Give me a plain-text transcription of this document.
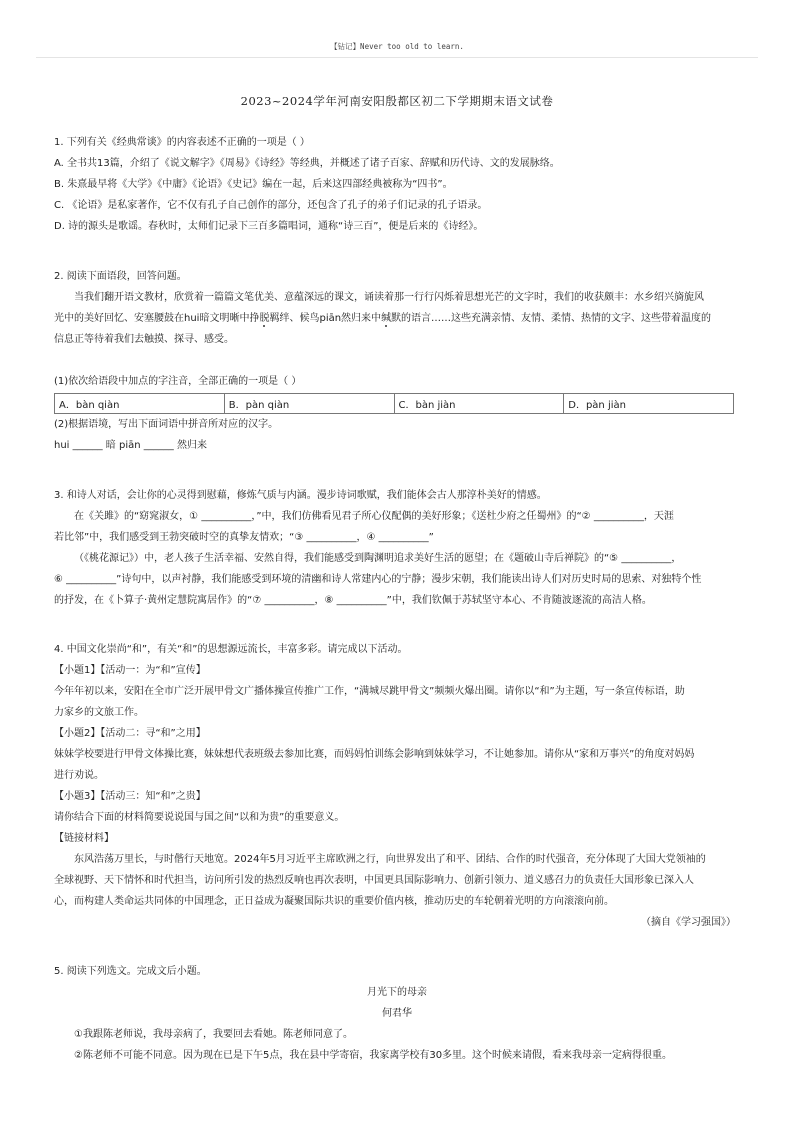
【钻记】Never too old to learn.
2023~2024学年河南安阳殷都区初二下学期期末语文试卷
1. 下列有关《经典常谈》的内容表述不正确的一项是（ ）
A. 全书共13篇，介绍了《说文解字》《周易》《诗经》等经典，并概述了诸子百家、辞赋和历代诗、文的发展脉络。
B. 朱熹最早将《大学》《中庸》《论语》《史记》编在一起，后来这四部经典被称为“四书”。
C. 《论语》是私家著作，它不仅有孔子自己创作的部分，还包含了孔子的弟子们记录的孔子语录。
D. 诗的源头是歌谣。春秋时，太师们记录下三百多篇唱词，通称“诗三百”，便是后来的《诗经》。
2. 阅读下面语段，回答问题。
当我们翻开语文教材，欣赏着一篇篇文笔优美、意蕴深远的课文，诵读着那一行行闪烁着思想光芒的文字时，我们的收获颇丰：水乡绍兴旖旎风
光中的美好回忆、安塞腰鼓在hui暗文明晰中挣脱羁绊、候鸟piān然归来中缄默的语言……这些充满亲情、友情、柔情、热情的文字、这些带着温度的
信息正等待着我们去触摸、探寻、感受。
(1)依次给语段中加点的字注音，全部正确的一项是（ ）
A．bàn qiàn	B．pàn qiàn	C．bàn jiàn	D．pàn jiàn
(2)根据语境，写出下面词语中拼音所对应的汉字。
hui ______ 暗 piān ______ 然归来
3. 和诗人对话，会让你的心灵得到慰藉，修炼气质与内涵。漫步诗词歌赋，我们能体会古人那淳朴美好的情感。
在《关雎》的“窈窕淑女，① __________，”中，我们仿佛看见君子所心仪配偶的美好形象；《送杜少府之任蜀州》的“② __________，天涯
若比邻”中，我们感受到王勃突破时空的真挚友情欢；“③ __________，④ __________”
（《桃花源记》）中，老人孩子生活幸福、安然自得，我们能感受到陶渊明追求美好生活的愿望；在《题破山寺后禅院》的“⑤ __________，
⑥ __________”诗句中，以声衬静，我们能感受到环境的清幽和诗人常建内心的宁静；漫步宋朝，我们能读出诗人们对历史时局的思索、对独特个性
的抒发，在《卜算子·黄州定慧院寓居作》的“⑦ __________，⑧ __________”中，我们钦佩于苏轼坚守本心、不肯随波逐流的高洁人格。
4. 中国文化崇尚“和”，有关“和”的思想源远流长，丰富多彩。请完成以下活动。
【小题1】【活动一：为“和”宣传】
今年年初以来，安阳在全市广泛开展甲骨文广播体操宣传推广工作，“满城尽跳甲骨文”频频火爆出圈。请你以“和”为主题，写一条宣传标语，助
力家乡的文旅工作。
【小题2】【活动二：寻“和”之用】
妹妹学校要进行甲骨文体操比赛，妹妹想代表班级去参加比赛，而妈妈怕训练会影响到妹妹学习，不让她参加。请你从“家和万事兴”的角度对妈妈
进行劝说。
【小题3】【活动三：知“和”之贵】
请你结合下面的材料简要说说国与国之间“以和为贵”的重要意义。
【链接材料】
东风浩荡万里长，与时偕行天地宽。2024年5月习近平主席欧洲之行，向世界发出了和平、团结、合作的时代强音，充分体现了大国大党领袖的
全球视野、天下情怀和时代担当，访问所引发的热烈反响也再次表明，中国更具国际影响力、创新引领力、道义感召力的负责任大国形象已深入人
心，而构建人类命运共同体的中国理念，正日益成为凝聚国际共识的重要价值内核，推动历史的车轮朝着光明的方向滚滚向前。
（摘自《学习强国》）
5. 阅读下列选文。完成文后小题。
月光下的母亲
何君华
①我跟陈老师说，我母亲病了，我要回去看她。陈老师同意了。
②陈老师不可能不同意。因为现在已是下午5点，我在县中学寄宿，我家离学校有30多里。这个时候来请假，看来我母亲一定病得很重。
